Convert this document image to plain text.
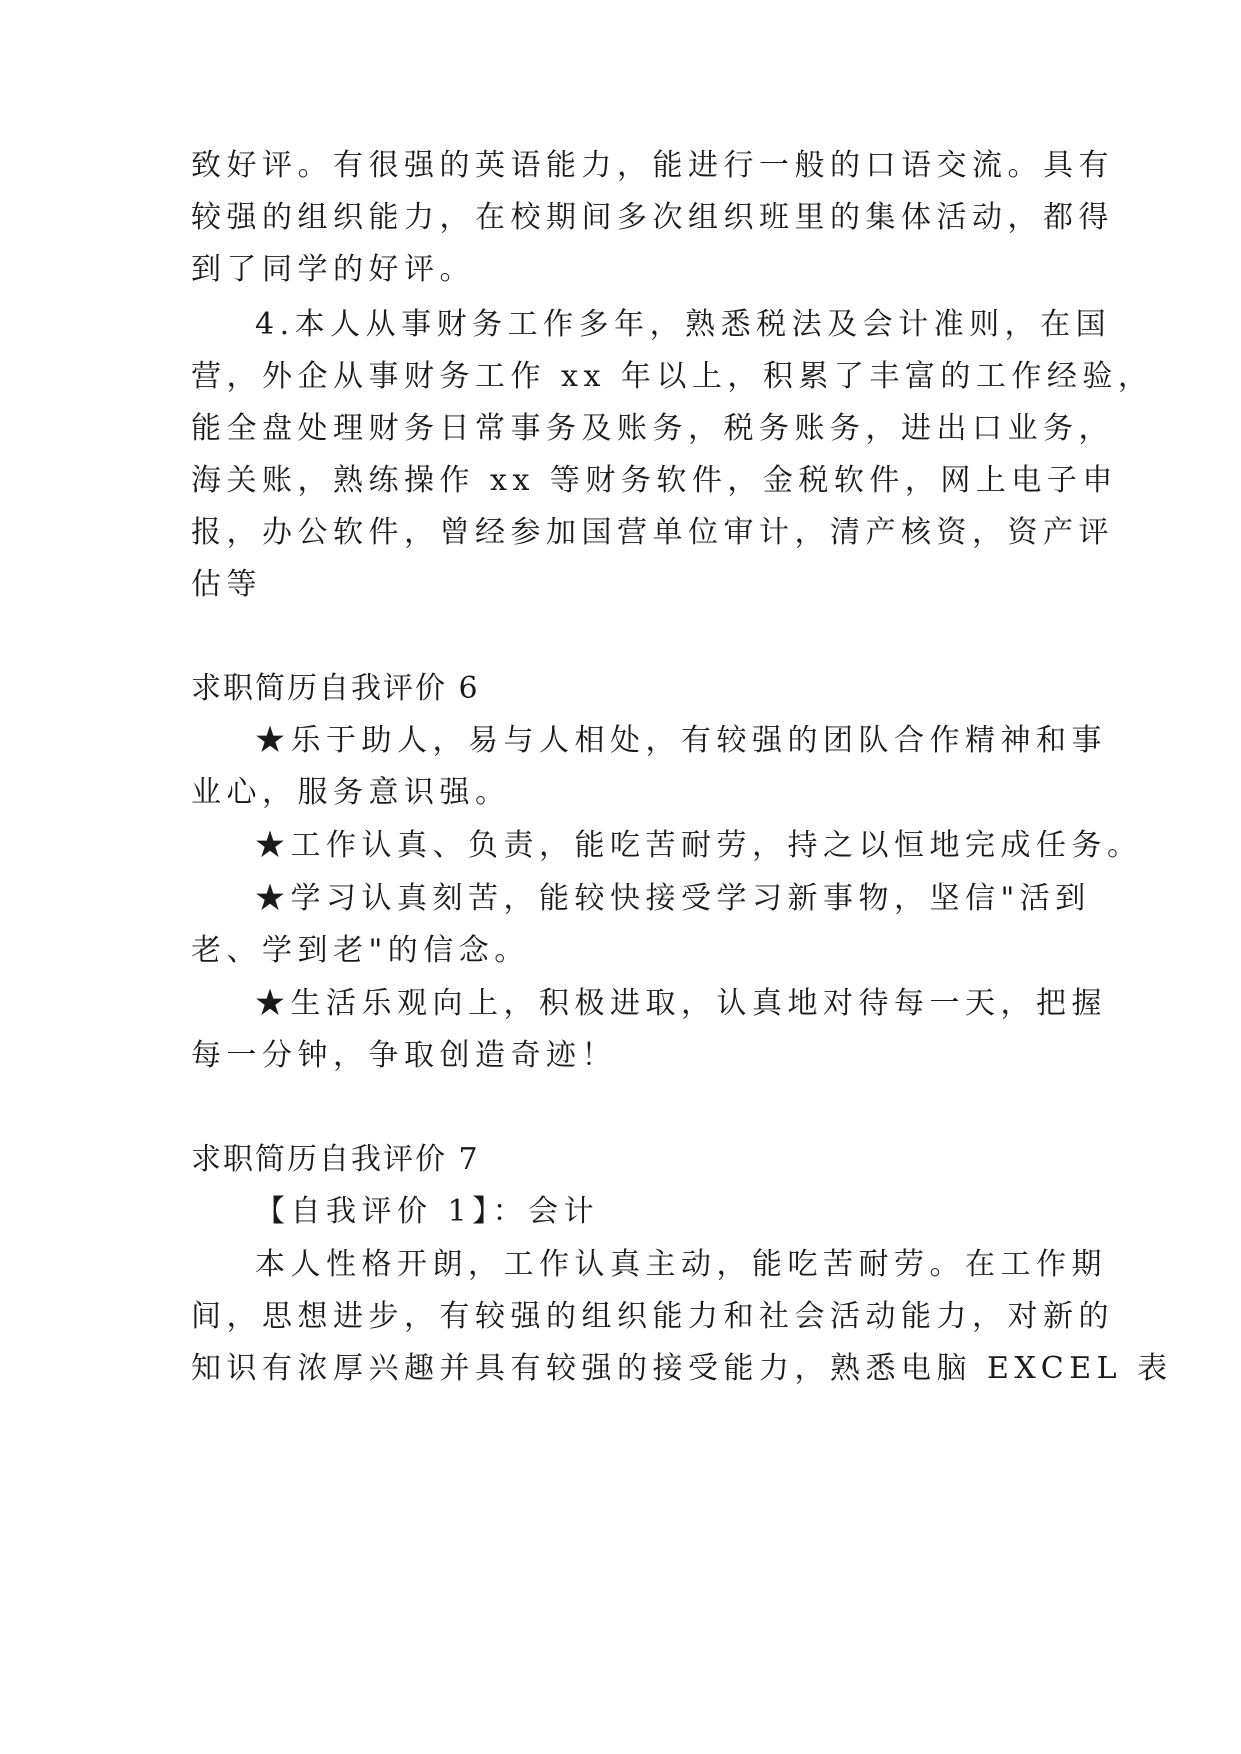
致好评。有很强的英语能力，能进行一般的口语交流。具有
较强的组织能力，在校期间多次组织班里的集体活动，都得
到了同学的好评。
4.本人从事财务工作多年，熟悉税法及会计准则，在国
营，外企从事财务工作 xx 年以上，积累了丰富的工作经验，
能全盘处理财务日常事务及账务，税务账务，进出口业务，
海关账，熟练操作 xx 等财务软件，金税软件，网上电子申
报，办公软件，曾经参加国营单位审计，清产核资，资产评
估等
求职简历自我评价 6
★乐于助人，易与人相处，有较强的团队合作精神和事
业心，服务意识强。
★工作认真、负责，能吃苦耐劳，持之以恒地完成任务。
★学习认真刻苦，能较快接受学习新事物，坚信"活到
老、学到老"的信念。
★生活乐观向上，积极进取，认真地对待每一天，把握
每一分钟，争取创造奇迹！
求职简历自我评价 7
【自我评价 1】：会计
本人性格开朗，工作认真主动，能吃苦耐劳。在工作期
间，思想进步，有较强的组织能力和社会活动能力，对新的
知识有浓厚兴趣并具有较强的接受能力，熟悉电脑 EXCEL 表
